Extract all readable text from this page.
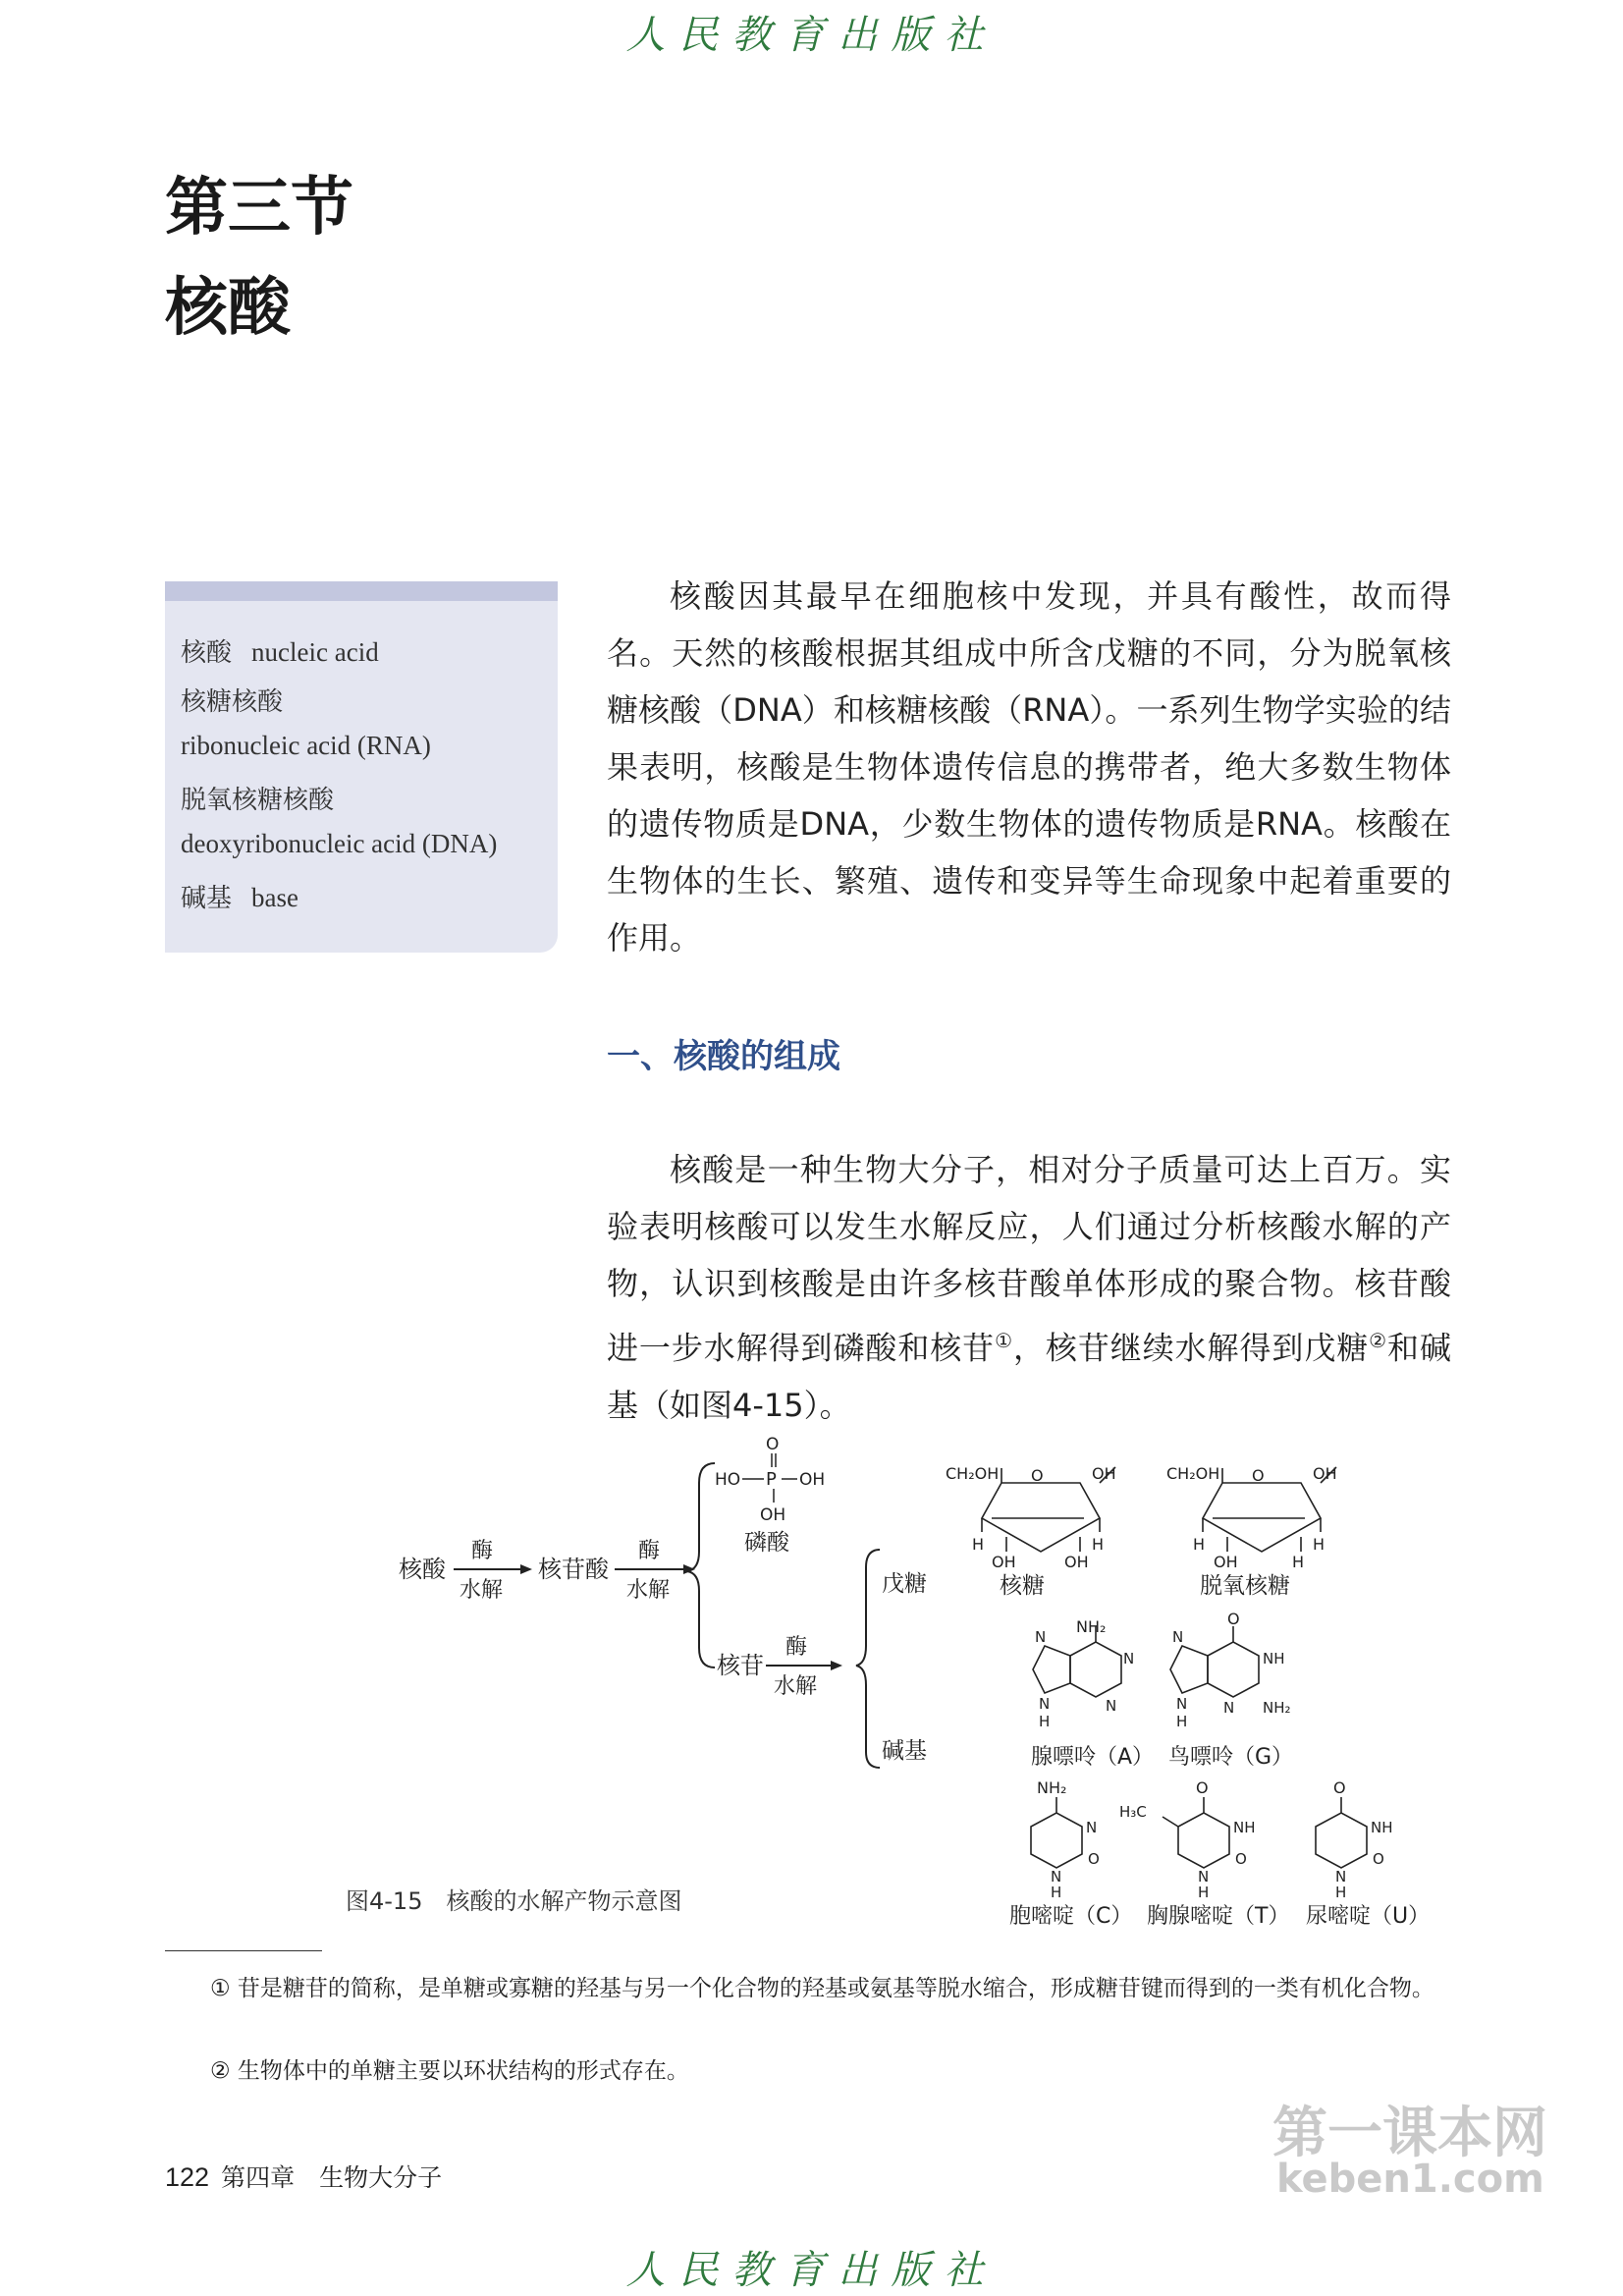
人民教育出版社
第三节
核酸
核酸 nucleic acid
核糖核酸
ribonucleic acid (RNA)
脱氧核糖核酸
deoxyribonucleic acid (DNA)
碱基 base
核酸因其最早在细胞核中发现，并具有酸性，故而得名。天然的核酸根据其组成中所含戊糖的不同，分为脱氧核糖核酸（DNA）和核糖核酸（RNA）。一系列生物学实验的结果表明，核酸是生物体遗传信息的携带者，绝大多数生物体的遗传物质是DNA，少数生物体的遗传物质是RNA。核酸在生物体的生长、繁殖、遗传和变异等生命现象中起着重要的作用。
一、核酸的组成
核酸是一种生物大分子，相对分子质量可达上百万。实验表明核酸可以发生水解反应，人们通过分析核酸水解的产物，认识到核酸是由许多核苷酸单体形成的聚合物。核苷酸进一步水解得到磷酸和核苷①，核苷继续水解得到戊糖②和碱基（如图4-15）。
核酸
酶
水解
核苷酸
酶
水解
O
HO P OH
OH
磷酸
核苷
酶
水解
戊糖
碱基
CH₂OH O	OH
H	H
OH	OH
核糖
CH₂OH O	OH
H	H
OH	H
脱氧核糖
NH₂
N
N
N
N
H
腺嘌呤（A）
O
N
NH
NH₂
N
N
H
鸟嘌呤（G）
NH₂
N
O
N
H
胞嘧啶（C）
O
H₃C
NH
O
N
H
胸腺嘧啶（T）
O
NH
O
N
H
尿嘧啶（U）
图4-15　核酸的水解产物示意图
① 苷是糖苷的简称，是单糖或寡糖的羟基与另一个化合物的羟基或氨基等脱水缩合，形成糖苷键而得到的一类有机化合物。
② 生物体中的单糖主要以环状结构的形式存在。
122 第四章　生物大分子
第一课本网
keben1.com
人民教育出版社
